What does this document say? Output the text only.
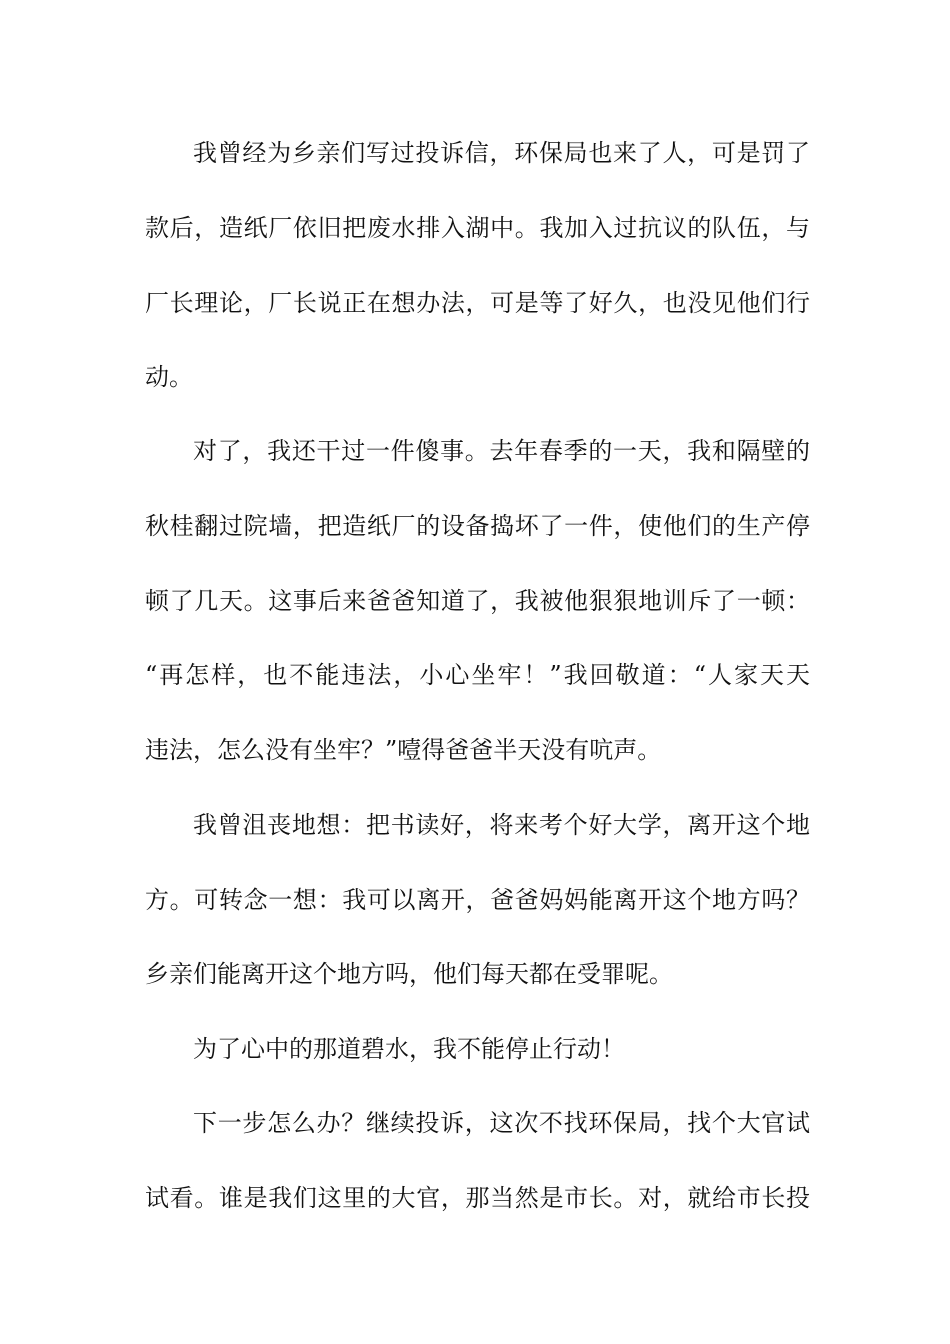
我曾经为乡亲们写过投诉信，环保局也来了人，可是罚了
款后，造纸厂依旧把废水排入湖中。我加入过抗议的队伍，与
厂长理论，厂长说正在想办法，可是等了好久，也没见他们行
动。
对了，我还干过一件傻事。去年春季的一天，我和隔壁的
秋桂翻过院墙，把造纸厂的设备捣坏了一件，使他们的生产停
顿了几天。这事后来爸爸知道了，我被他狠狠地训斥了一顿：
“再怎样，也不能违法，小心坐牢！”我回敬道：“人家天天
违法，怎么没有坐牢？”噎得爸爸半天没有吭声。
我曾沮丧地想：把书读好，将来考个好大学，离开这个地
方。可转念一想：我可以离开，爸爸妈妈能离开这个地方吗？
乡亲们能离开这个地方吗，他们每天都在受罪呢。
为了心中的那道碧水，我不能停止行动！
下一步怎么办？继续投诉，这次不找环保局，找个大官试
试看。谁是我们这里的大官，那当然是市长。对，就给市长投
